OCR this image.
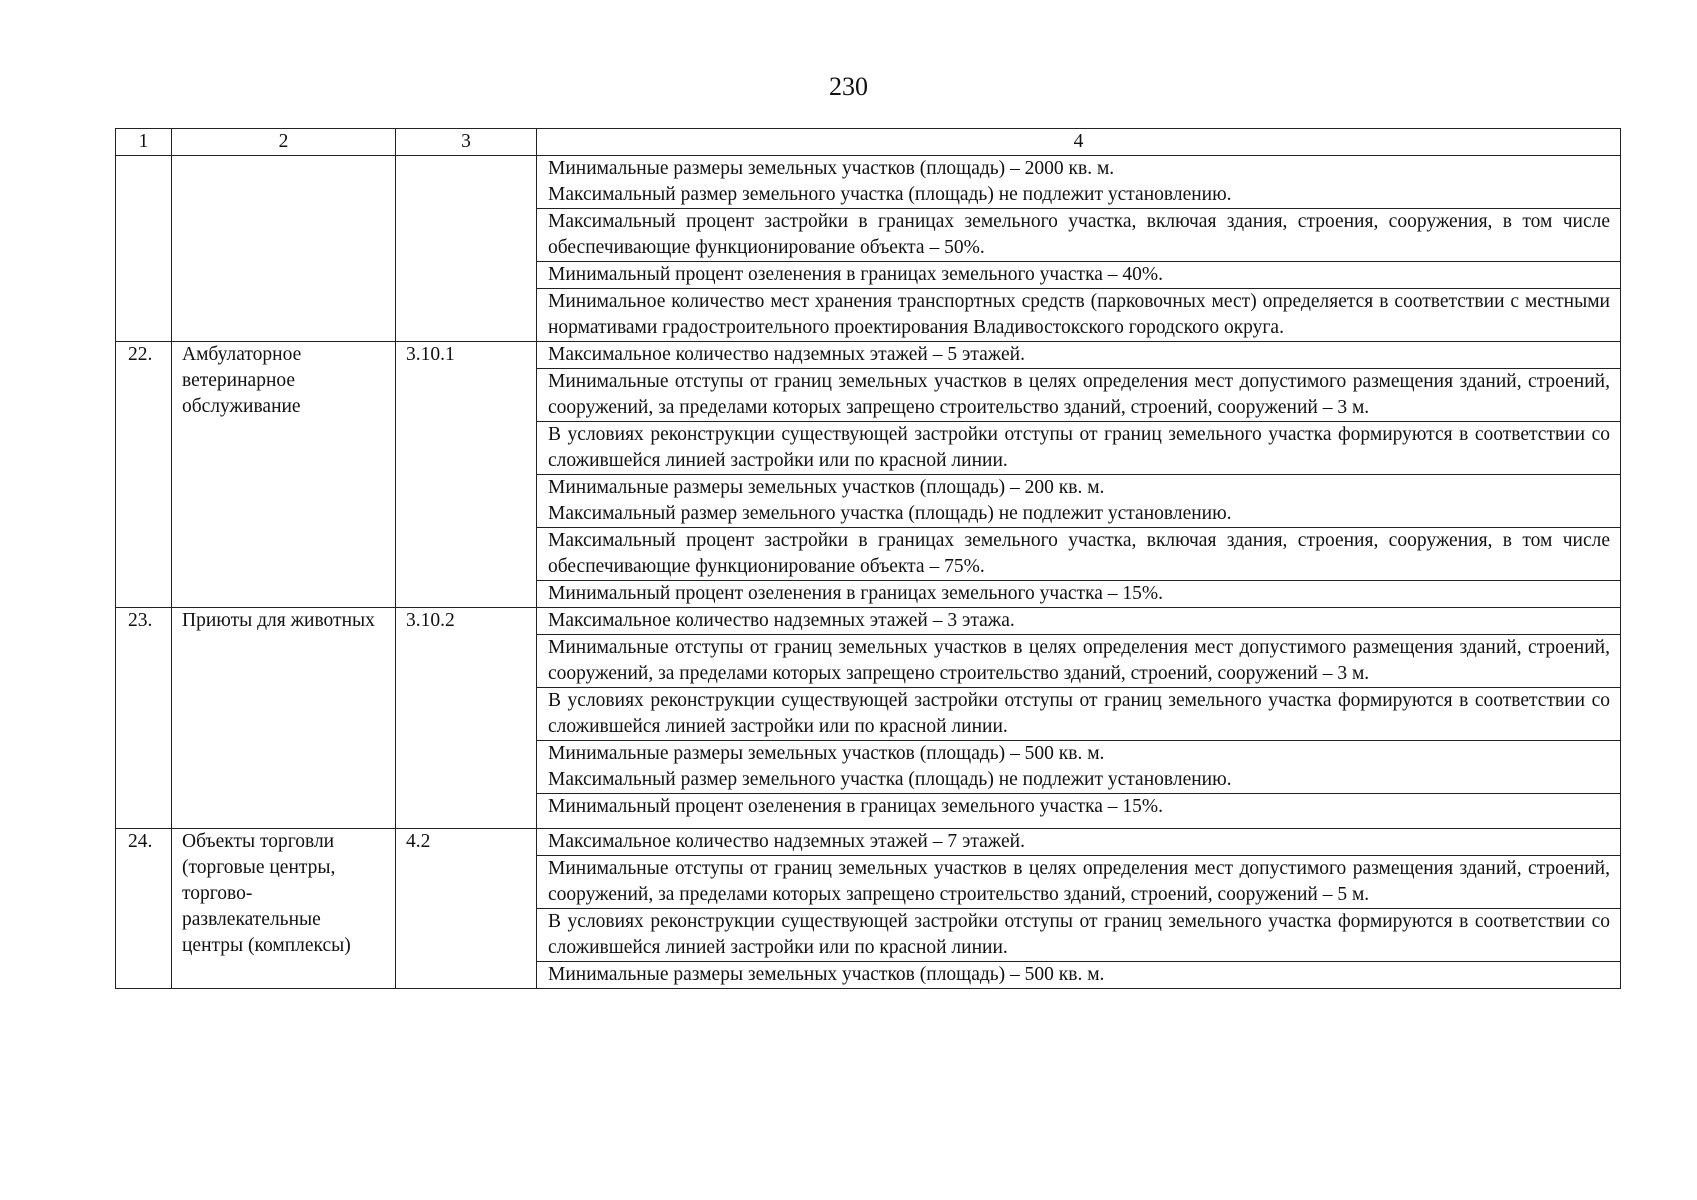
230
1	2	3	4

			Минимальные размеры земельных участков (площадь) – 2000 кв. м.
Максимальный размер земельного участка (площадь) не подлежит установлению.

			Максимальный процент застройки в границах земельного участка, включая здания, строения, сооружения, в том числе обеспечивающие функционирование объекта – 50%.

			Минимальный процент озеленения в границах земельного участка – 40%.

			Минимальное количество мест хранения транспортных средств (парковочных мест) определяется в соответствии с местными нормативами градостроительного проектирования Владивостокского городского округа.

22.	Амбулаторное ветеринарное обслуживание	3.10.1	Максимальное количество надземных этажей – 5 этажей.

			Минимальные отступы от границ земельных участков в целях определения мест допустимого размещения зданий, строений, сооружений, за пределами которых запрещено строительство зданий, строений, сооружений – 3 м.

			В условиях реконструкции существующей застройки отступы от границ земельного участка формируются в соответствии со сложившейся линией застройки или по красной линии.

			Минимальные размеры земельных участков (площадь) – 200 кв. м.
Максимальный размер земельного участка (площадь) не подлежит установлению.

			Максимальный процент застройки в границах земельного участка, включая здания, строения, сооружения, в том числе обеспечивающие функционирование объекта – 75%.

			Минимальный процент озеленения в границах земельного участка – 15%.

23.	Приюты для животных	3.10.2	Максимальное количество надземных этажей – 3 этажа.

			Минимальные отступы от границ земельных участков в целях определения мест допустимого размещения зданий, строений, сооружений, за пределами которых запрещено строительство зданий, строений, сооружений – 3 м.

			В условиях реконструкции существующей застройки отступы от границ земельного участка формируются в соответствии со сложившейся линией застройки или по красной линии.

			Минимальные размеры земельных участков (площадь) – 500 кв. м.
Максимальный размер земельного участка (площадь) не подлежит установлению.

			Минимальный процент озеленения в границах земельного участка – 15%.

24.	Объекты торговли (торговые центры, торгово-развлекательные центры (комплексы)	4.2	Максимальное количество надземных этажей – 7 этажей.

			Минимальные отступы от границ земельных участков в целях определения мест допустимого размещения зданий, строений, сооружений, за пределами которых запрещено строительство зданий, строений, сооружений – 5 м.

			В условиях реконструкции существующей застройки отступы от границ земельного участка формируются в соответствии со сложившейся линией застройки или по красной линии.

			Минимальные размеры земельных участков (площадь) – 500 кв. м.
